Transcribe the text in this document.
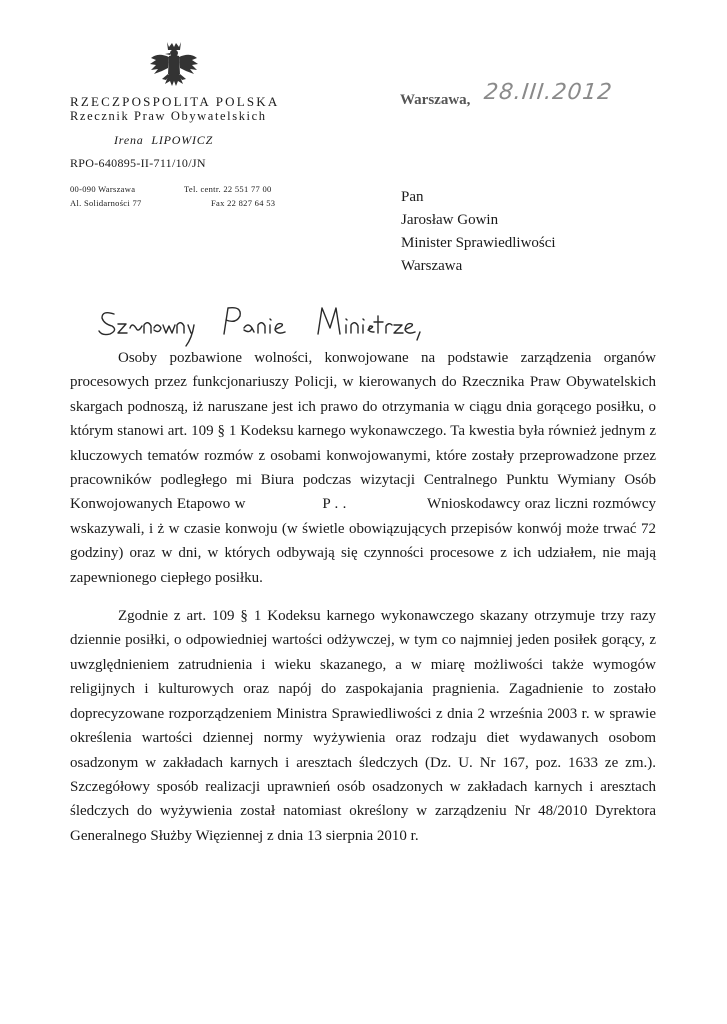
RZECZPOSPOLITA POLSKA
Rzecznik Praw Obywatelskich
Irena LIPOWICZ
RPO-640895-II-711/10/JN
00-090 Warszawa
Al. Solidarności 77
Tel. centr. 22 551 77 00
Fax 22 827 64 53
Warszawa, 28.III.2012
Pan
Jarosław Gowin
Minister Sprawiedliwości
Warszawa

Osoby pozbawione wolności, konwojowane na podstawie zarządzenia organów procesowych przez funkcjonariuszy Policji, w kierowanych do Rzecznika Praw Obywatelskich skargach podnoszą, iż naruszane jest ich prawo do otrzymania w ciągu dnia gorącego posiłku, o którym stanowi art. 109 § 1 Kodeksu karnego wykonawczego. Ta kwestia była również jednym z kluczowych tematów rozmów z osobami konwojowanymi, które zostały przeprowadzone przez pracowników podległego mi Biura podczas wizytacji Centralnego Punktu Wymiany Osób Konwojowanych Etapowo w	P . .	Wnioskodawcy oraz liczni rozmówcy wskazywali, i ż w czasie konwoju (w świetle obowiązujących przepisów konwój może trwać 72 godziny) oraz w dni, w których odbywają się czynności procesowe z ich udziałem, nie mają zapewnionego ciepłego posiłku.

Zgodnie z art. 109 § 1 Kodeksu karnego wykonawczego skazany otrzymuje trzy razy dziennie posiłki, o odpowiedniej wartości odżywczej, w tym co najmniej jeden posiłek gorący, z uwzględnieniem zatrudnienia i wieku skazanego, a w miarę możliwości także wymogów religijnych i kulturowych oraz napój do zaspokajania pragnienia. Zagadnienie to zostało doprecyzowane rozporządzeniem Ministra Sprawiedliwości z dnia 2 września 2003 r. w sprawie określenia wartości dziennej normy wyżywienia oraz rodzaju diet wydawanych osobom osadzonym w zakładach karnych i aresztach śledczych (Dz. U. Nr 167, poz. 1633 ze zm.). Szczegółowy sposób realizacji uprawnień osób osadzonych w zakładach karnych i aresztach śledczych do wyżywienia został natomiast określony w zarządzeniu Nr 48/2010 Dyrektora Generalnego Służby Więziennej z dnia 13 sierpnia 2010 r.
